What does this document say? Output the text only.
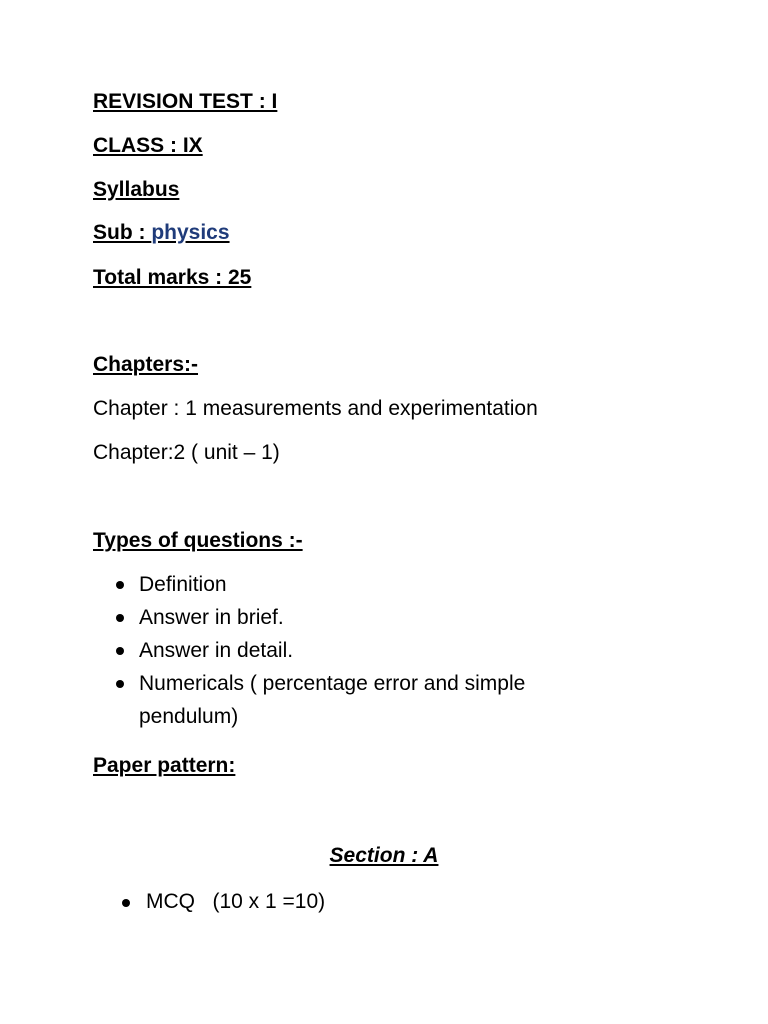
REVISION TEST : I
CLASS : IX
Syllabus
Sub : physics
Total marks : 25
Chapters:-
Chapter : 1 measurements and experimentation
Chapter:2 ( unit – 1)
Types of questions :-
Definition
Answer in brief.
Answer in detail.
Numericals ( percentage error and simple pendulum)
Paper pattern:
Section : A
MCQ   (10 x 1 =10)
